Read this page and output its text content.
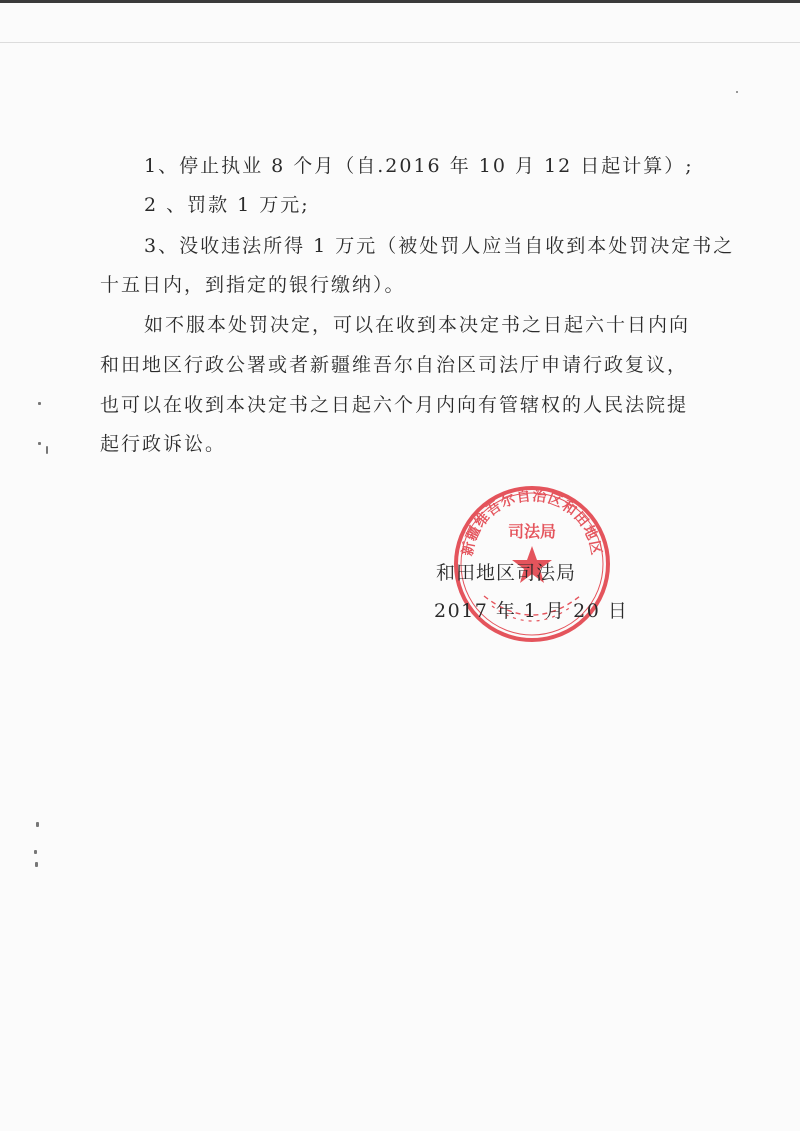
1、停止执业 8 个月（自.2016 年 10 月 12 日起计算）;
2 、罚款 1 万元;
3、没收违法所得 1 万元（被处罚人应当自收到本处罚决定书之
十五日内，到指定的银行缴纳）。
如不服本处罚决定，可以在收到本决定书之日起六十日内向
和田地区行政公署或者新疆维吾尔自治区司法厅申请行政复议，
也可以在收到本决定书之日起六个月内向有管辖权的人民法院提
起行政诉讼。
新疆维吾尔自治区和田地区
司法局
和田地区司法局
2017 年 1 月 20 日
